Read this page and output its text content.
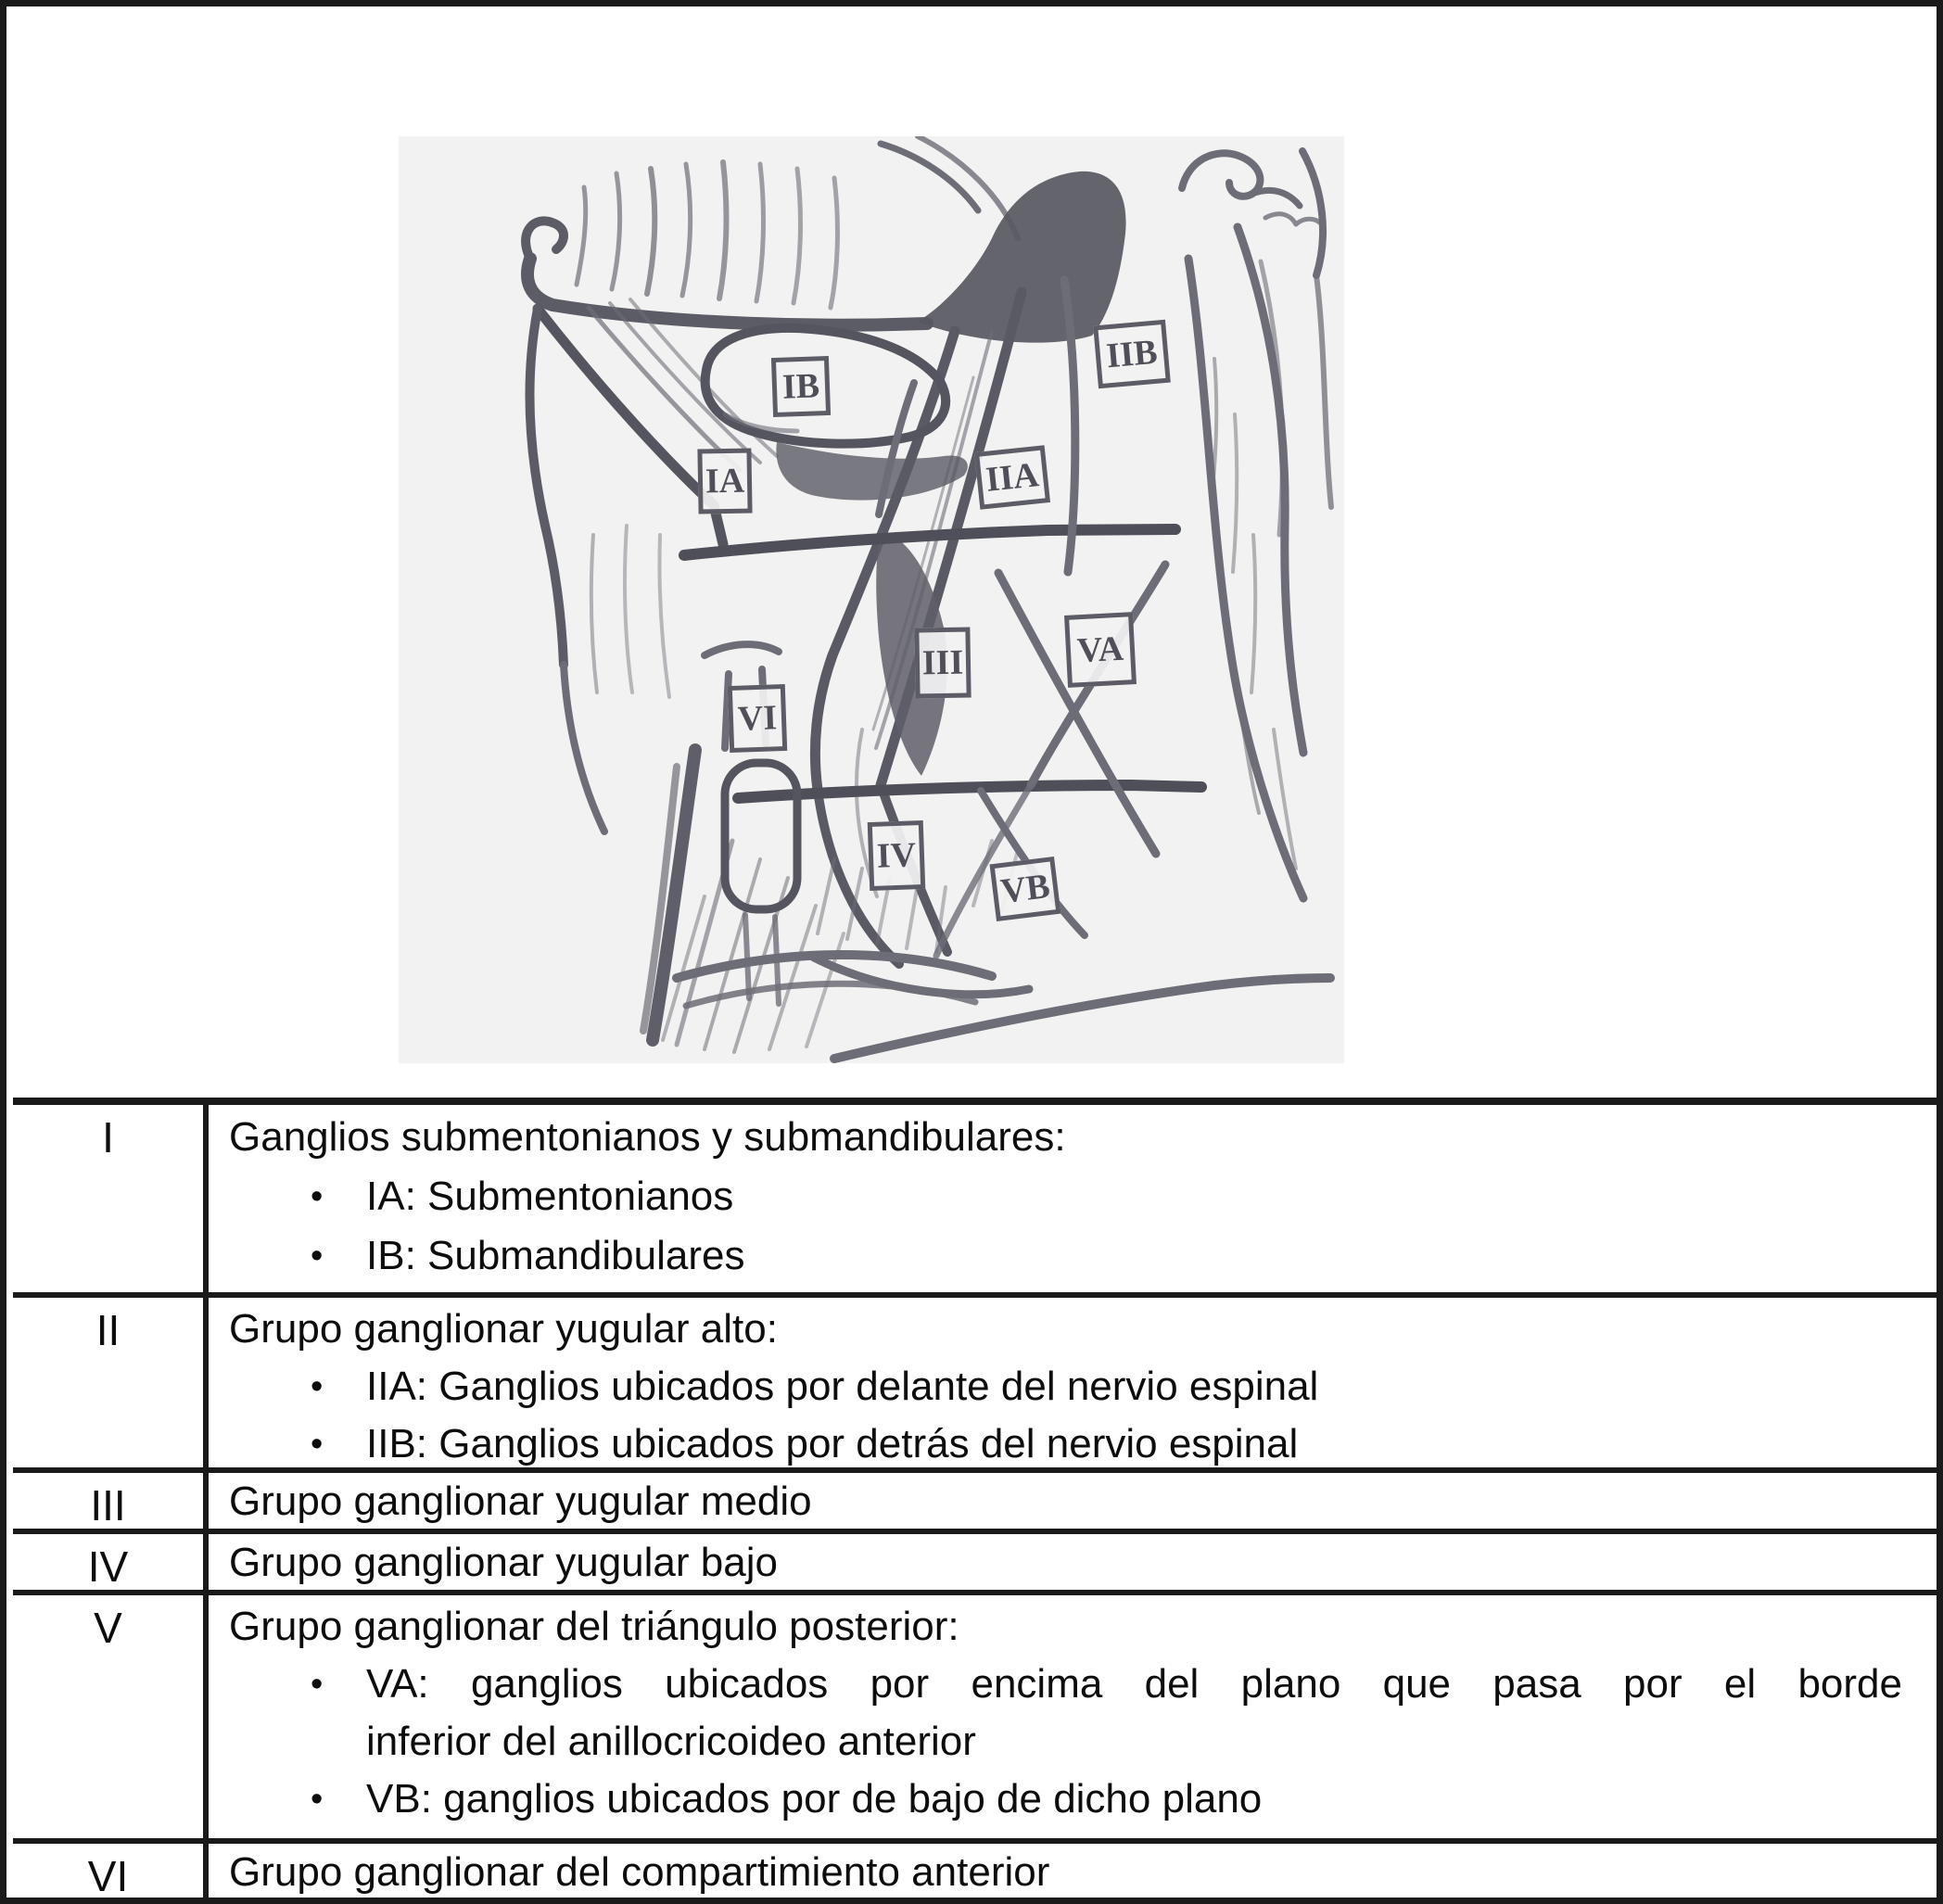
IB
IA	IIA
IIB
III	VA
VI
IV
VB
I	Ganglios submentonianos y submandibulares:
•	IA: Submentonianos
•	IB: Submandibulares
II	Grupo ganglionar yugular alto:
•	IIA: Ganglios ubicados por delante del nervio espinal
•	IIB: Ganglios ubicados por detrás del nervio espinal
III	Grupo ganglionar yugular medio
IV	Grupo ganglionar yugular bajo
V	Grupo ganglionar del triángulo posterior:
•	VA: ganglios ubicados por encima del plano que pasa por el borde
inferior del anillocricoideo anterior
•	VB: ganglios ubicados por de bajo de dicho plano
VI	Grupo ganglionar del compartimiento anterior
